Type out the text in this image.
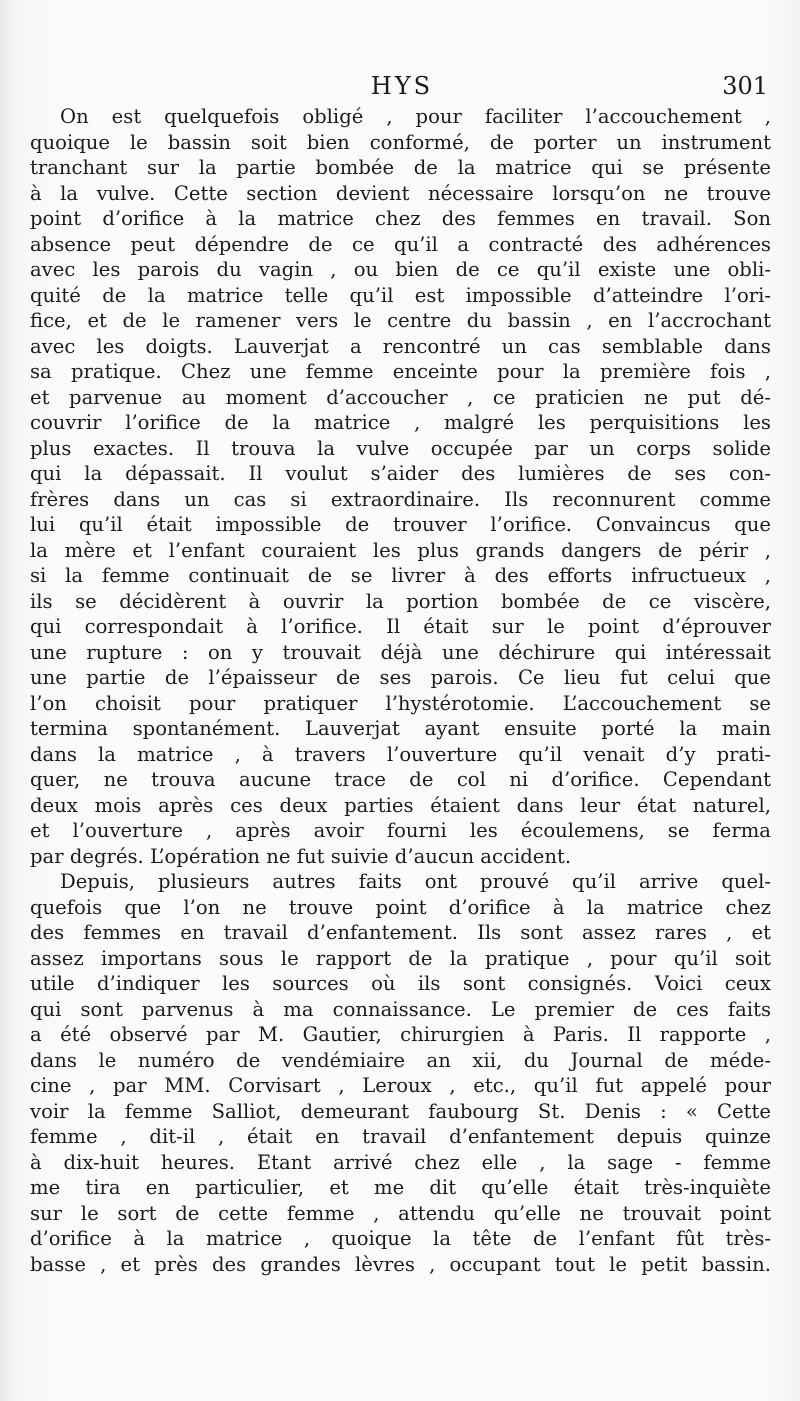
HYS	301
On est quelquefois obligé , pour faciliter l’accouchement ,
quoique le bassin soit bien conformé, de porter un instrument
tranchant sur la partie bombée de la matrice qui se présente
à la vulve. Cette section devient nécessaire lorsqu’on ne trouve
point d’orifice à la matrice chez des femmes en travail. Son
absence peut dépendre de ce qu’il a contracté des adhérences
avec les parois du vagin , ou bien de ce qu’il existe une obli-
quité de la matrice telle qu’il est impossible d’atteindre l’ori-
fice, et de le ramener vers le centre du bassin , en l’accrochant
avec les doigts. Lauverjat a rencontré un cas semblable dans
sa pratique. Chez une femme enceinte pour la première fois ,
et parvenue au moment d’accoucher , ce praticien ne put dé-
couvrir l’orifice de la matrice , malgré les perquisitions les
plus exactes. Il trouva la vulve occupée par un corps solide
qui la dépassait. Il voulut s’aider des lumières de ses con-
frères dans un cas si extraordinaire. Ils reconnurent comme
lui qu’il était impossible de trouver l’orifice. Convaincus que
la mère et l’enfant couraient les plus grands dangers de périr ,
si la femme continuait de se livrer à des efforts infructueux ,
ils se décidèrent à ouvrir la portion bombée de ce viscère,
qui correspondait à l’orifice. Il était sur le point d’éprouver
une rupture : on y trouvait déjà une déchirure qui intéressait
une partie de l’épaisseur de ses parois. Ce lieu fut celui que
l’on choisit pour pratiquer l’hystérotomie. L’accouchement se
termina spontanément. Lauverjat ayant ensuite porté la main
dans la matrice , à travers l’ouverture qu’il venait d’y prati-
quer, ne trouva aucune trace de col ni d’orifice. Cependant
deux mois après ces deux parties étaient dans leur état naturel,
et l’ouverture , après avoir fourni les écoulemens, se ferma
par degrés. L’opération ne fut suivie d’aucun accident.
Depuis, plusieurs autres faits ont prouvé qu’il arrive quel-
quefois que l’on ne trouve point d’orifice à la matrice chez
des femmes en travail d’enfantement. Ils sont assez rares , et
assez importans sous le rapport de la pratique , pour qu’il soit
utile d’indiquer les sources où ils sont consignés. Voici ceux
qui sont parvenus à ma connaissance. Le premier de ces faits
a été observé par M. Gautier, chirurgien à Paris. Il rapporte ,
dans le numéro de vendémiaire an xii, du Journal de méde-
cine , par MM. Corvisart , Leroux , etc., qu’il fut appelé pour
voir la femme Salliot, demeurant faubourg St. Denis : « Cette
femme , dit-il , était en travail d’enfantement depuis quinze
à dix-huit heures. Etant arrivé chez elle , la sage - femme
me tira en particulier, et me dit qu’elle était très-inquiète
sur le sort de cette femme , attendu qu’elle ne trouvait point
d’orifice à la matrice , quoique la tête de l’enfant fût très-
basse , et près des grandes lèvres , occupant tout le petit bassin.
